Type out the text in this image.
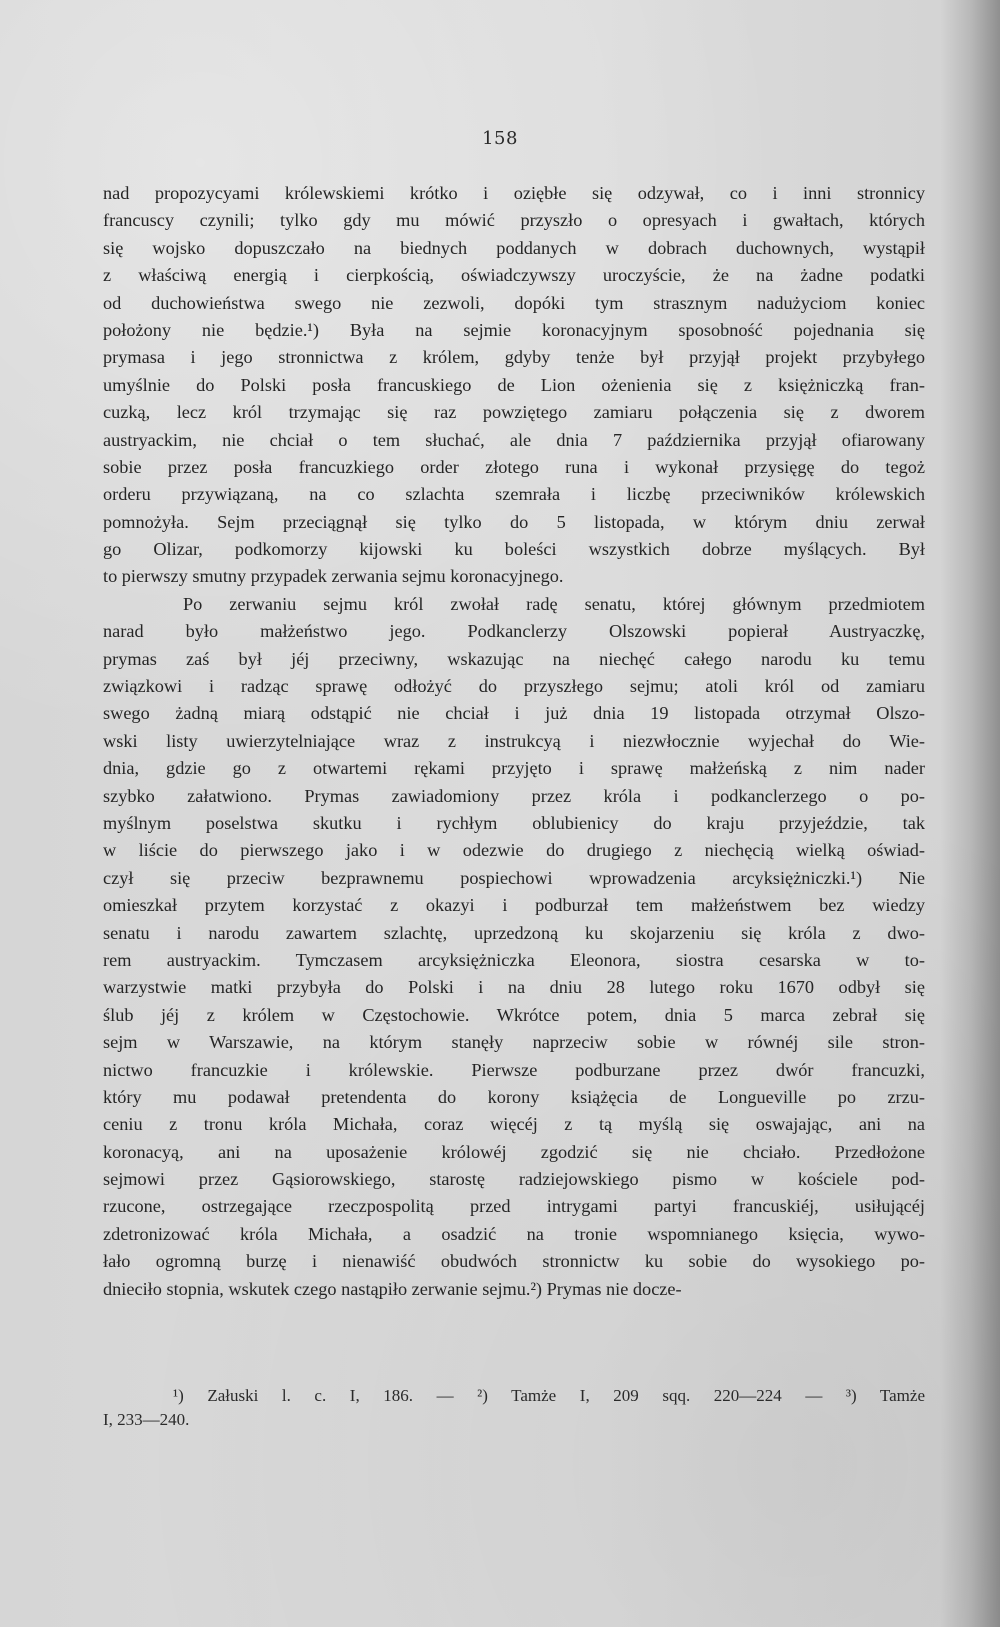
158
nad propozycyami królewskiemi krótko i oziębłe się odzywał, co i inni stronnicy
francuscy czynili; tylko gdy mu mówić przyszło o opresyach i gwałtach, których
się wojsko dopuszczało na biednych poddanych w dobrach duchownych, wystąpił
z właściwą energią i cierpkością, oświadczywszy uroczyście, że na żadne podatki
od duchowieństwa swego nie zezwoli, dopóki tym strasznym nadużyciom koniec
położony nie będzie.¹) Była na sejmie koronacyjnym sposobność pojednania się
prymasa i jego stronnictwa z królem, gdyby tenże był przyjął projekt przybyłego
umyślnie do Polski posła francuskiego de Lion ożenienia się z księżniczką fran-
cuzką, lecz król trzymając się raz powziętego zamiaru połączenia się z dworem
austryackim, nie chciał o tem słuchać, ale dnia 7 października przyjął ofiarowany
sobie przez posła francuzkiego order złotego runa i wykonał przysięgę do tegoż
orderu przywiązaną, na co szlachta szemrała i liczbę przeciwników królewskich
pomnożyła. Sejm przeciągnął się tylko do 5 listopada, w którym dniu zerwał
go Olizar, podkomorzy kijowski ku boleści wszystkich dobrze myślących. Był
to pierwszy smutny przypadek zerwania sejmu koronacyjnego.
Po zerwaniu sejmu król zwołał radę senatu, której głównym przedmiotem
narad było małżeństwo jego. Podkanclerzy Olszowski popierał Austryaczkę,
prymas zaś był jéj przeciwny, wskazując na niechęć całego narodu ku temu
związkowi i radząc sprawę odłożyć do przyszłego sejmu; atoli król od zamiaru
swego żadną miarą odstąpić nie chciał i już dnia 19 listopada otrzymał Olszo-
wski listy uwierzytelniające wraz z instrukcyą i niezwłocznie wyjechał do Wie-
dnia, gdzie go z otwartemi rękami przyjęto i sprawę małżeńską z nim nader
szybko załatwiono. Prymas zawiadomiony przez króla i podkanclerzego o po-
myślnym poselstwa skutku i rychłym oblubienicy do kraju przyjeździe, tak
w liście do pierwszego jako i w odezwie do drugiego z niechęcią wielką oświad-
czył się przeciw bezprawnemu pospiechowi wprowadzenia arcyksiężniczki.¹) Nie
omieszkał przytem korzystać z okazyi i podburzał tem małżeństwem bez wiedzy
senatu i narodu zawartem szlachtę, uprzedzoną ku skojarzeniu się króla z dwo-
rem austryackim. Tymczasem arcyksiężniczka Eleonora, siostra cesarska w to-
warzystwie matki przybyła do Polski i na dniu 28 lutego roku 1670 odbył się
ślub jéj z królem w Częstochowie. Wkrótce potem, dnia 5 marca zebrał się
sejm w Warszawie, na którym stanęły naprzeciw sobie w równéj sile stron-
nictwo francuzkie i królewskie. Pierwsze podburzane przez dwór francuzki,
który mu podawał pretendenta do korony książęcia de Longueville po zrzu-
ceniu z tronu króla Michała, coraz więcéj z tą myślą się oswajając, ani na
koronacyą, ani na uposażenie królowéj zgodzić się nie chciało. Przedłożone
sejmowi przez Gąsiorowskiego, starostę radziejowskiego pismo w kościele pod-
rzucone, ostrzegające rzeczpospolitą przed intrygami partyi francuskiéj, usiłującéj
zdetronizować króla Michała, a osadzić na tronie wspomnianego księcia, wywo-
łało ogromną burzę i nienawiść obudwóch stronnictw ku sobie do wysokiego po-
dnieciło stopnia, wskutek czego nastąpiło zerwanie sejmu.²) Prymas nie docze-
¹) Załuski l. c. I, 186. — ²) Tamże I, 209 sqq. 220—224 — ³) Tamże
I, 233—240.
